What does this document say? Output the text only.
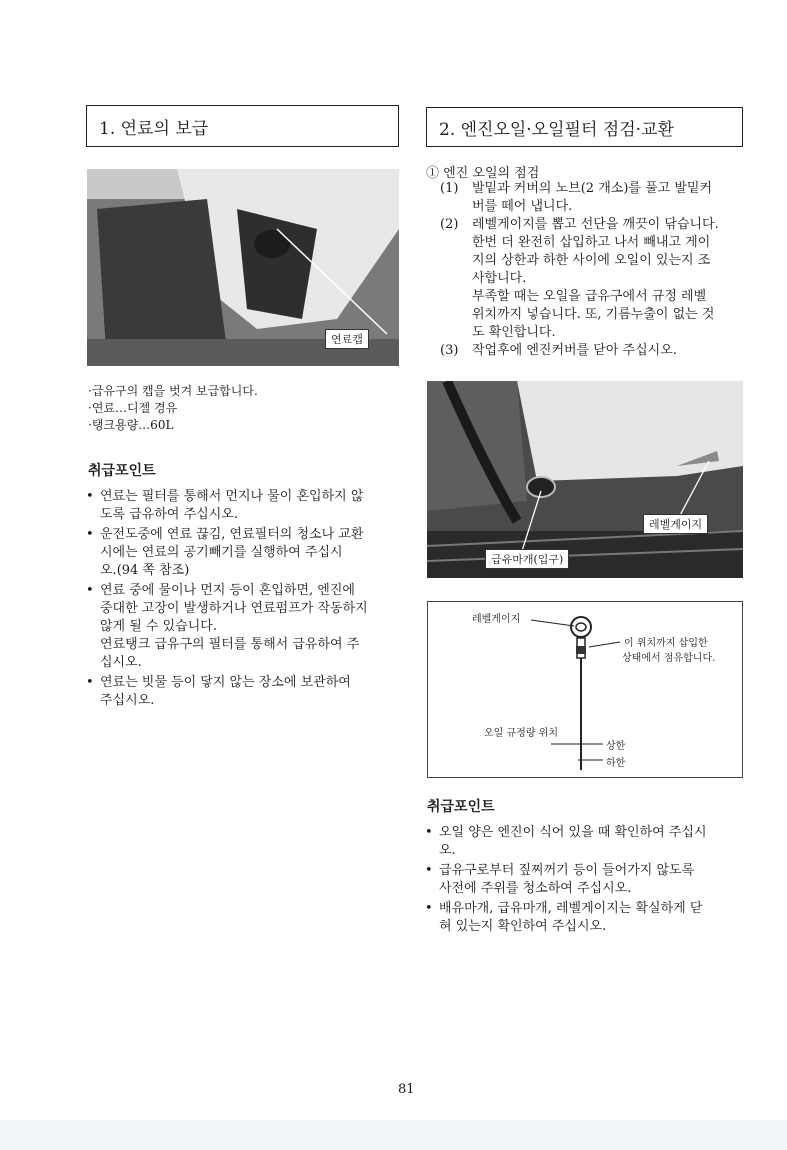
1. 연료의 보급
연료캡
·급유구의 캡을 벗겨 보급합니다.
·연료…디젤 경유
·탱크용량…60L
취급포인트
• 연료는 필터를 통해서 먼지나 물이 혼입하지 않
도록 급유하여 주십시오.
• 운전도중에 연료 끊김, 연료필터의 청소나 교환
시에는 연료의 공기빼기를 실행하여 주십시
오.(94 쪽 참조)
• 연료 중에 물이나 먼지 등이 혼입하면, 엔진에
중대한 고장이 발생하거나 연료펌프가 작동하지
않게 될 수 있습니다.
연료탱크 급유구의 필터를 통해서 급유하여 주
십시오.
• 연료는 빗물 등이 닿지 않는 장소에 보관하여
주십시오.
2. 엔진오일·오일필터 점검·교환
① 엔진 오일의 점검
(1)	발밑과 커버의 노브(2 개소)를 풀고 발밑커
버를 떼어 냅니다.
(2)	레벨게이지를 뽑고 선단을 깨끗이 닦습니다.
한번 더 완전히 삽입하고 나서 빼내고 게이
지의 상한과 하한 사이에 오일이 있는지 조
사합니다.
부족할 때는 오일을 급유구에서 규정 레벨
위치까지 넣습니다. 또, 기름누출이 없는 것
도 확인합니다.
(3)	작업후에 엔진커버를 닫아 주십시오.
레벨게이지
급유마개(입구)
레벨게이지
이 위치까지 삽입한
상태에서 점유합니다.
오일 규정량 위치
상한
하한
취급포인트
• 오일 양은 엔진이 식어 있을 때 확인하여 주십시
오.
• 급유구로부터 짚찌꺼기 등이 들어가지 않도록
사전에 주위를 청소하여 주십시오.
• 배유마개, 급유마개, 레벨게이지는 확실하게 닫
혀 있는지 확인하여 주십시오.
81
